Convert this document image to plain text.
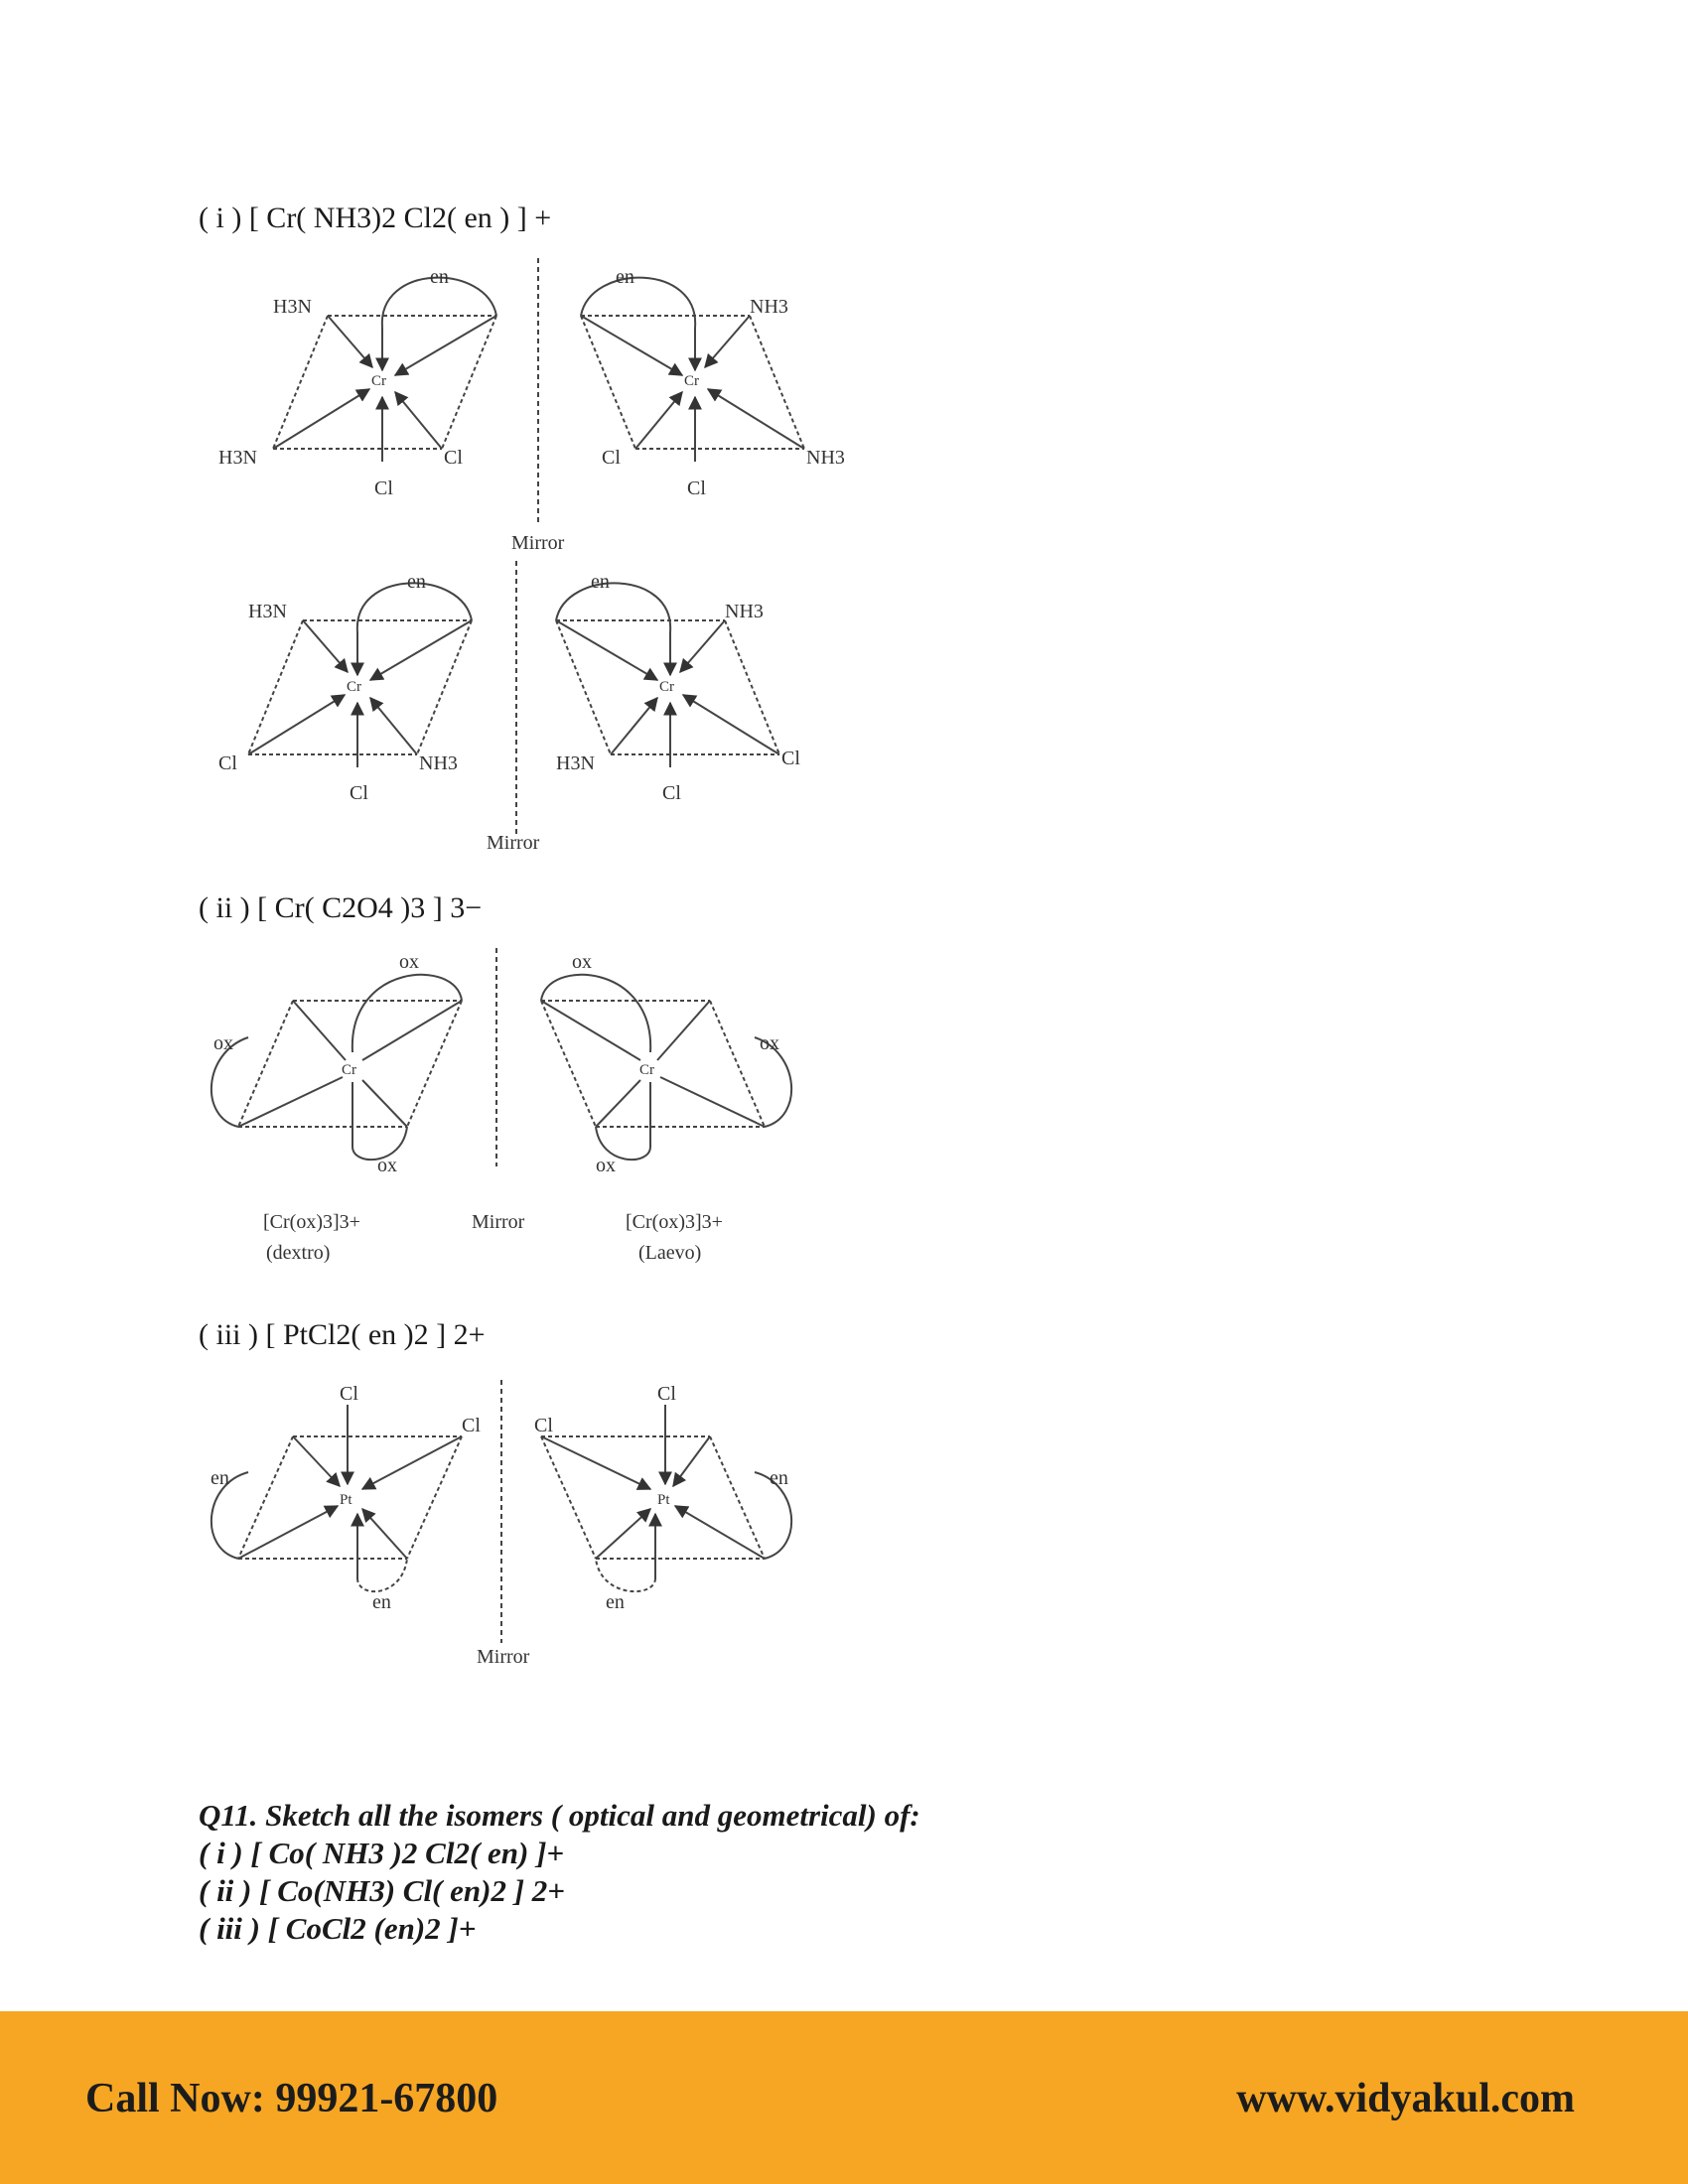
( i ) [ Cr( NH3)2 Cl2( en ) ] +
en
H3N
H3N	Cl
Cl
Cr
en
NH3
NH3
Cl
Cl
Cr
Mirror
en
H3N
Cl	NH3
Cl
Cr
en
NH3
Cl
H3N
Cl
Cr
Mirror
( ii ) [ Cr( C2O4 )3 ] 3−
ox
ox
ox
Cr
ox
ox
ox
Cr
[Cr(ox)3]3+
(dextro)
Mirror	[Cr(ox)3]3+
(Laevo)
( iii ) [ PtCl2( en )2 ] 2+
Cl
Cl
en
en
Pt
Cl
Cl
en
en
Pt
Mirror
Q11. Sketch all the isomers ( optical and geometrical) of:
( i ) [ Co( NH3 )2 Cl2( en) ]+
( ii ) [ Co(NH3) Cl( en)2 ] 2+
( iii ) [ CoCl2 (en)2 ]+
Call Now: 99921-67800	www.vidyakul.com
